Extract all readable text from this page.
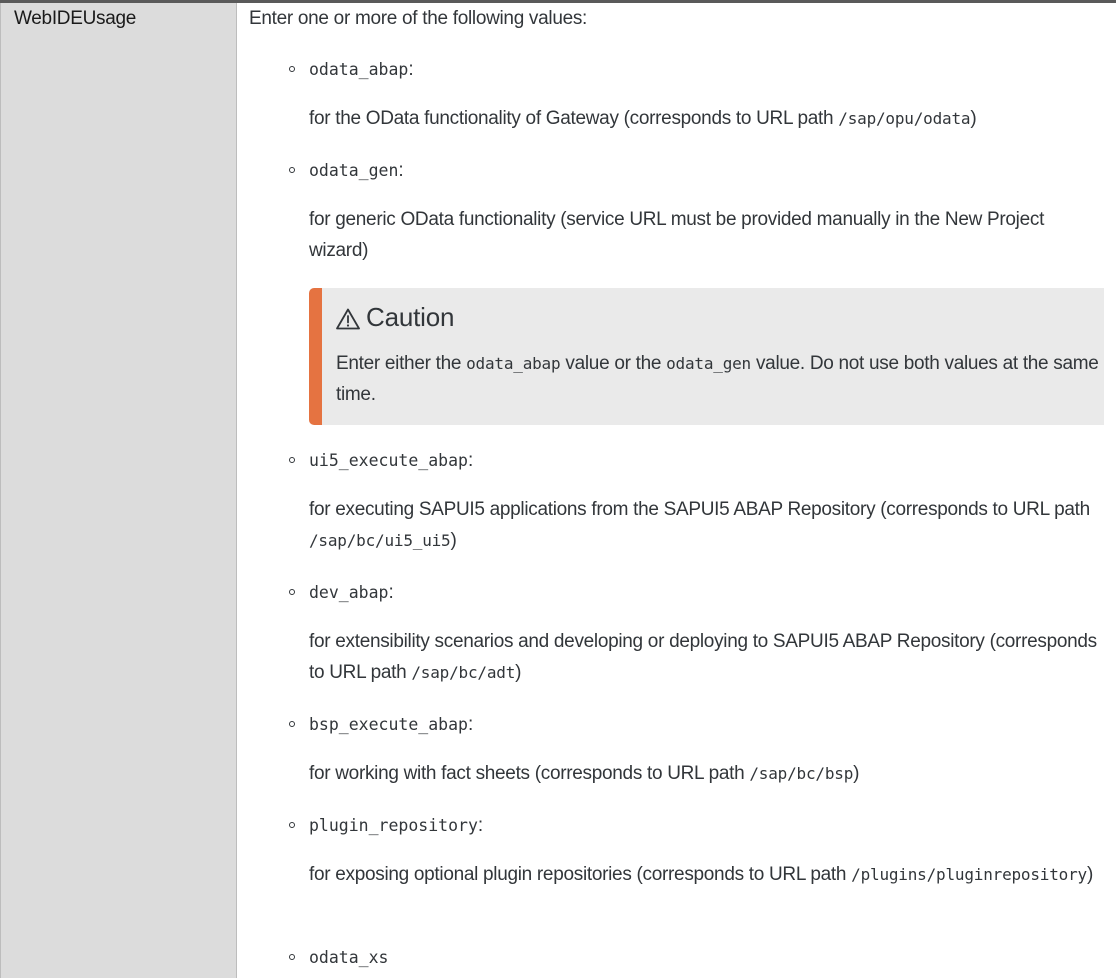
WebIDEUsage	Enter one or more of the following values:
odata_abap:
for the OData functionality of Gateway (corresponds to URL path /sap/opu/odata)
odata_gen:
for generic OData functionality (service URL must be provided manually in the New Project wizard)
Caution
Enter either the odata_abap value or the odata_gen value. Do not use both values at the same time.
ui5_execute_abap:
for executing SAPUI5 applications from the SAPUI5 ABAP Repository (corresponds to URL path /sap/bc/ui5_ui5)
dev_abap:
for extensibility scenarios and developing or deploying to SAPUI5 ABAP Repository (corresponds to URL path /sap/bc/adt)
bsp_execute_abap:
for working with fact sheets (corresponds to URL path /sap/bc/bsp)
plugin_repository:
for exposing optional plugin repositories (corresponds to URL path /plugins/pluginrepository)
odata_xs
